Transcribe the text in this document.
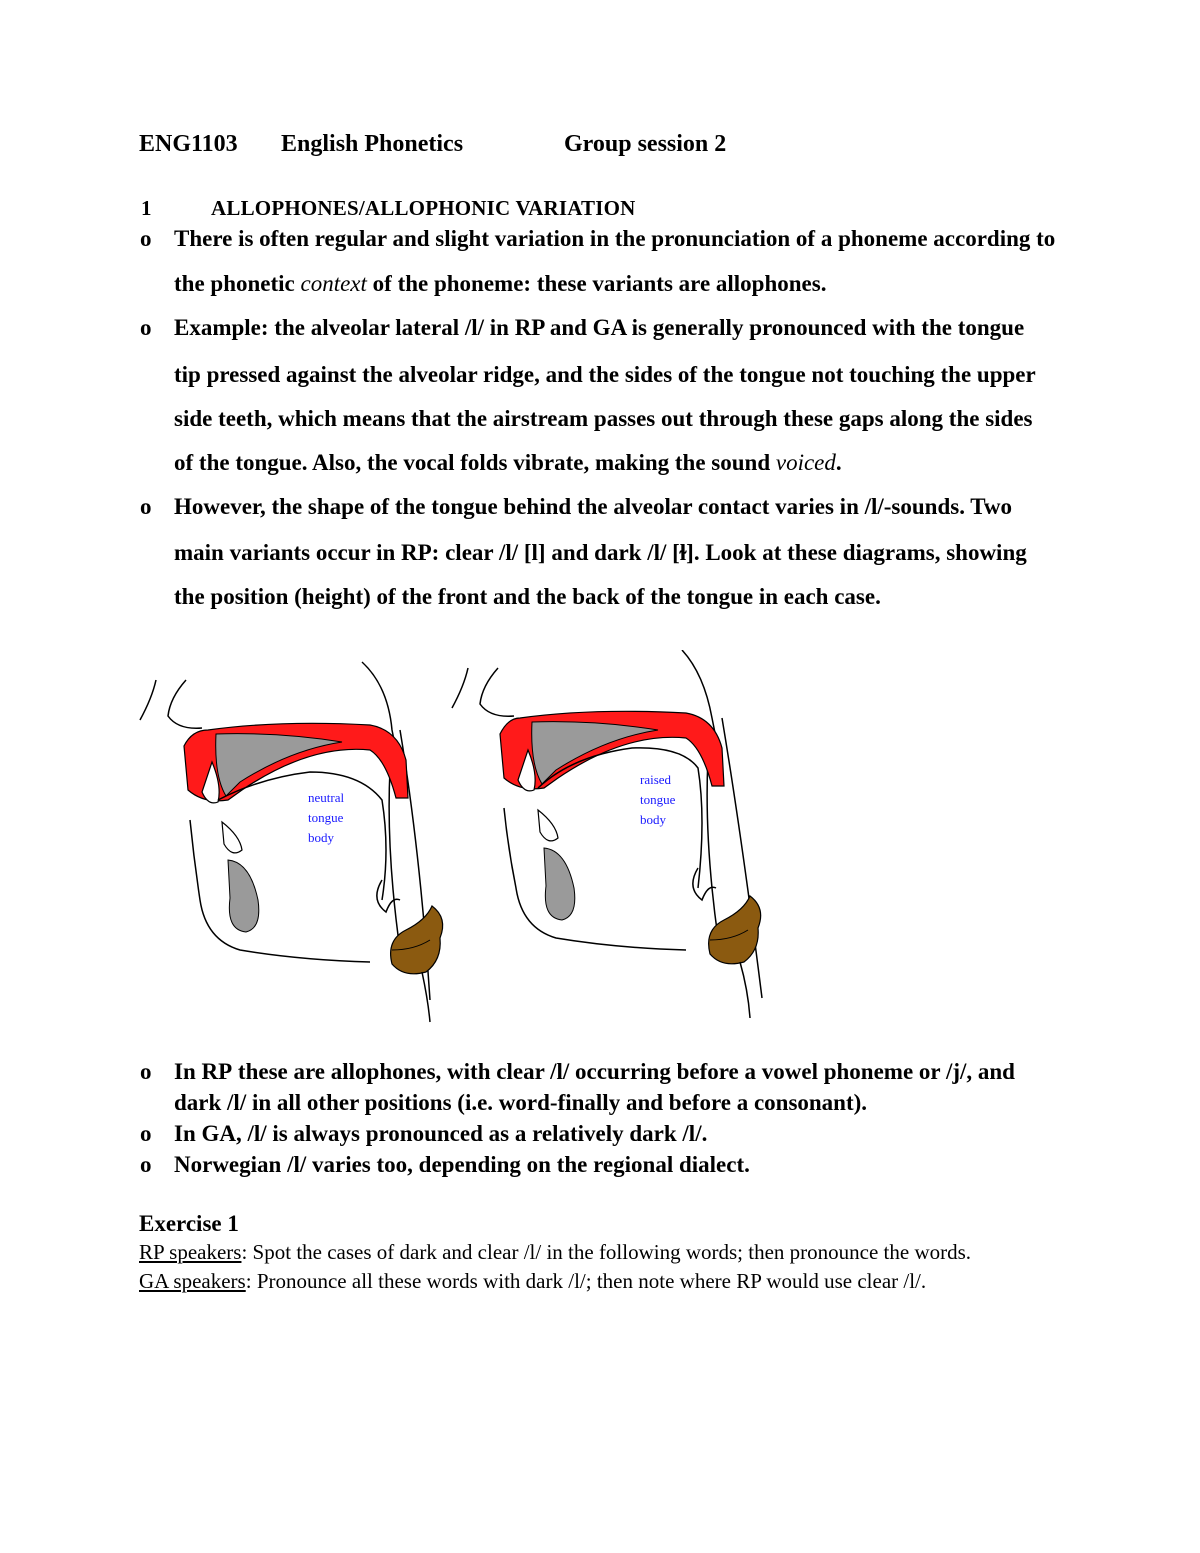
ENG1103 English Phonetics	Group session 2
1	ALLOPHONES/ALLOPHONIC VARIATION
o There is often regular and slight variation in the pronunciation of a phoneme according to
the phonetic context of the phoneme: these variants are allophones.
o Example: the alveolar lateral /l/ in RP and GA is generally pronounced with the tongue
tip pressed against the alveolar ridge, and the sides of the tongue not touching the upper
side teeth, which means that the airstream passes out through these gaps along the sides
of the tongue. Also, the vocal folds vibrate, making the sound voiced.
o However, the shape of the tongue behind the alveolar contact varies in /l/-sounds. Two
main variants occur in RP: clear /l/ [l] and dark /l/ [ɫ]. Look at these diagrams, showing
the position (height) of the front and the back of the tongue in each case.
neutral
tongue
body
raised
tongue
body
o In RP these are allophones, with clear /l/ occurring before a vowel phoneme or /j/, and
dark /l/ in all other positions (i.e. word-finally and before a consonant).
o In GA, /l/ is always pronounced as a relatively dark /l/.
o Norwegian /l/ varies too, depending on the regional dialect.
Exercise 1
RP speakers: Spot the cases of dark and clear /l/ in the following words; then pronounce the words.
GA speakers: Pronounce all these words with dark /l/; then note where RP would use clear /l/.
